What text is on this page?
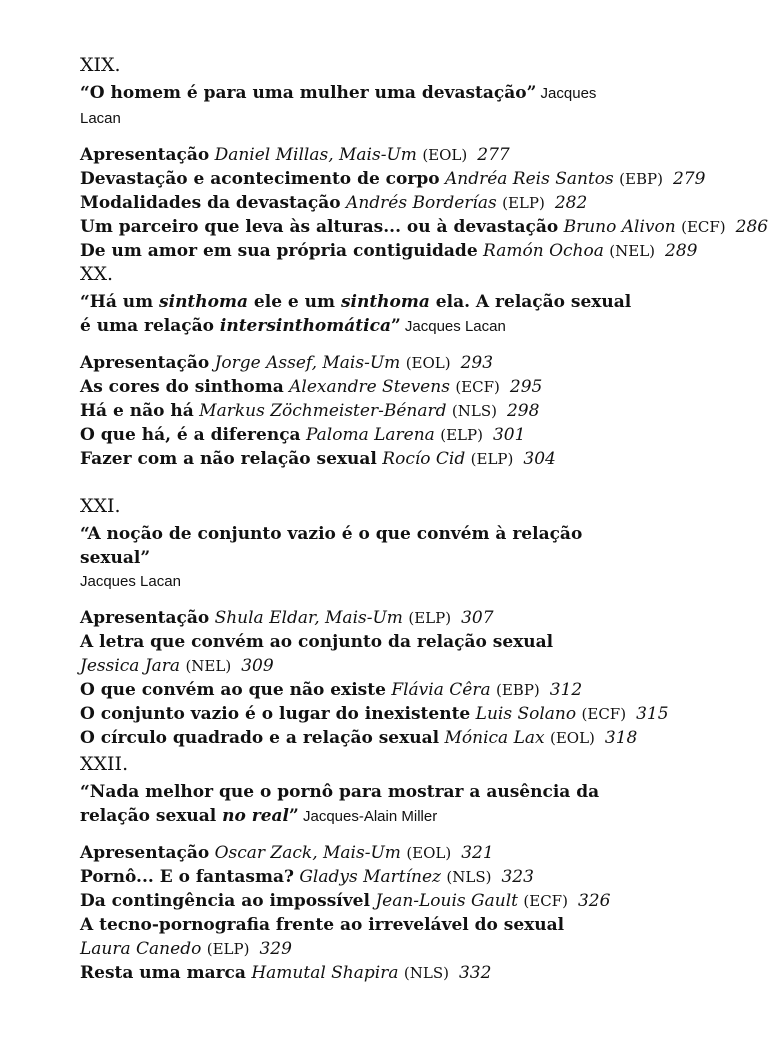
XIX.
“O homem é para uma mulher uma devastação” Jacques Lacan
Apresentação Daniel Millas, Mais-Um (EOL) 277
Devastação e acontecimento de corpo Andréa Reis Santos (EBP) 279
Modalidades da devastação Andrés Borderías (ELP) 282
Um parceiro que leva às alturas... ou à devastação Bruno Alivon (ECF) 286
De um amor em sua própria contiguidade Ramón Ochoa (NEL) 289
XX.
“Há um sinthoma ele e um sinthoma ela. A relação sexual é uma relação intersinthomática” Jacques Lacan
Apresentação Jorge Assef, Mais-Um (EOL) 293
As cores do sinthoma Alexandre Stevens (ECF) 295
Há e não há Markus Zöchmeister-Bénard (NLS) 298
O que há, é a diferença Paloma Larena (ELP) 301
Fazer com a não relação sexual Rocío Cid (ELP) 304
XXI.
“A noção de conjunto vazio é o que convém à relação sexual”
Jacques Lacan
Apresentação Shula Eldar, Mais-Um (ELP) 307
A letra que convém ao conjunto da relação sexual
Jessica Jara (NEL) 309
O que convém ao que não existe Flávia Cêra (EBP) 312
O conjunto vazio é o lugar do inexistente Luis Solano (ECF) 315
O círculo quadrado e a relação sexual Mónica Lax (EOL) 318
XXII.
“Nada melhor que o pornô para mostrar a ausência da relação sexual no real” Jacques-Alain Miller
Apresentação Oscar Zack, Mais-Um (EOL) 321
Pornô... E o fantasma? Gladys Martínez (NLS) 323
Da contingência ao impossível Jean-Louis Gault (ECF) 326
A tecno-pornografia frente ao irrevelável do sexual
Laura Canedo (ELP) 329
Resta uma marca Hamutal Shapira (NLS) 332
